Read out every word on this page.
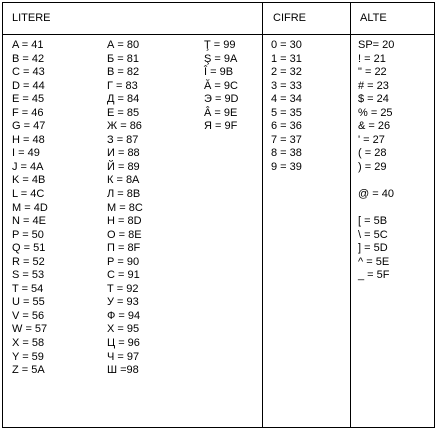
LITERE	CIFRE	ALTE
A = 41
B = 42
C = 43
D = 44
E = 45
F = 46
G = 47
H = 48
I = 49
J = 4A
K = 4B
L = 4C
M = 4D
N = 4E
P = 50
Q = 51
R = 52
S = 53
T = 54
U = 55
V = 56
W = 57
X = 58
Y = 59
Z = 5A
А = 80
Б = 81
В = 82
Г = 83
Д = 84
Е = 85
Ж = 86
З = 87
И = 88
Й = 89
К = 8A
Л = 8B
М = 8C
Н = 8D
О = 8E
П = 8F
Р = 90
С = 91
Т = 92
У = 93
Ф = 94
Х = 95
Ц = 96
Ч = 97
Ш =98
Ţ = 99
Ş = 9A
Î = 9B
Ă = 9C
Э = 9D
Â = 9E
Я = 9F
0 = 30
1 = 31
2 = 32
3 = 33
4 = 34
5 = 35
6 = 36
7 = 37
8 = 38
9 = 39
SP= 20
! = 21
" = 22
# = 23
$ = 24
% = 25
& = 26
' = 27
( = 28
) = 29
@ = 40
[ = 5B
\ = 5C
] = 5D
^ = 5E
_ = 5F
